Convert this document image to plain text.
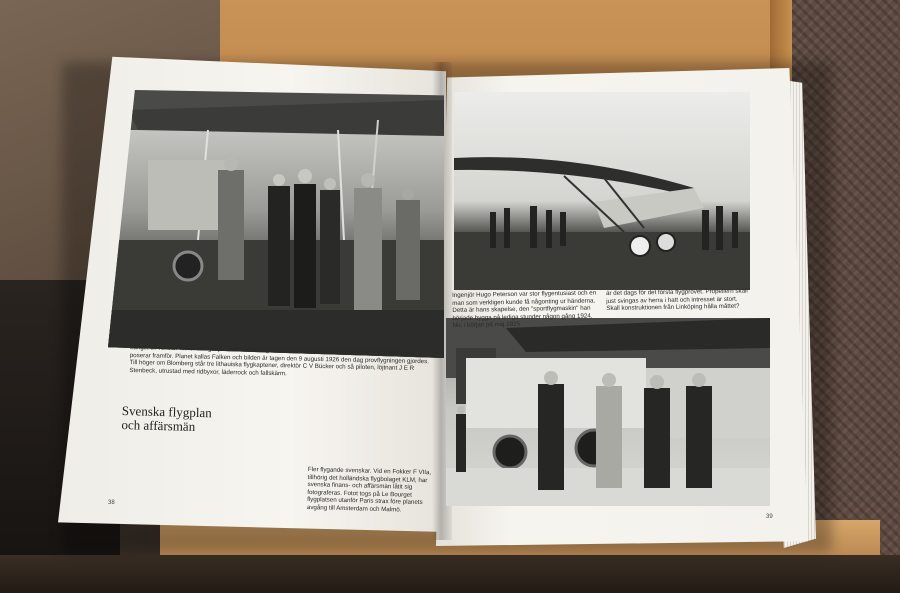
Längst till vänster finner vi ingenjör Sven Blomberg. Han har konstruerat dubbeldäckaren som herrarna poserar framför. Planet kallas Falken och bilden är tagen den 9 augusti 1926 den dag provflygningen gjordes. Till höger om Blomberg står tre lithauiska flygkaptener, direktör C V Bücker och så piloten, löjtnant J E R Stenbeck, utrustad med ridbyxor, läderrock och fallskärm.
Svenska flygplan
och affärsmän
Fler flygande svenskar. Vid en Fokker F VIIa, tillhörig det holländska flygbolaget KLM, har svenska finans- och affärsmän låtit sig fotograferas. Fotot togs på Le Bourget flygplatsen utanför Paris strax före planets avgång till Amsterdam och Malmö.
Ingenjör Hugo Peterson var stor flygentusiast och en man som verkligen kunde få någonting ur händerna. Detta är hans skapelse, den "sportflygmaskin" han började bygga på lediga stunder någon gång 1924. Nu, i början på maj 1925
är det dags för det första flygprovet. Propellern skall just svingas av herra i hatt och intresset är stort. Skall konstruktionen från Linköping hålla måttet?
38
39
